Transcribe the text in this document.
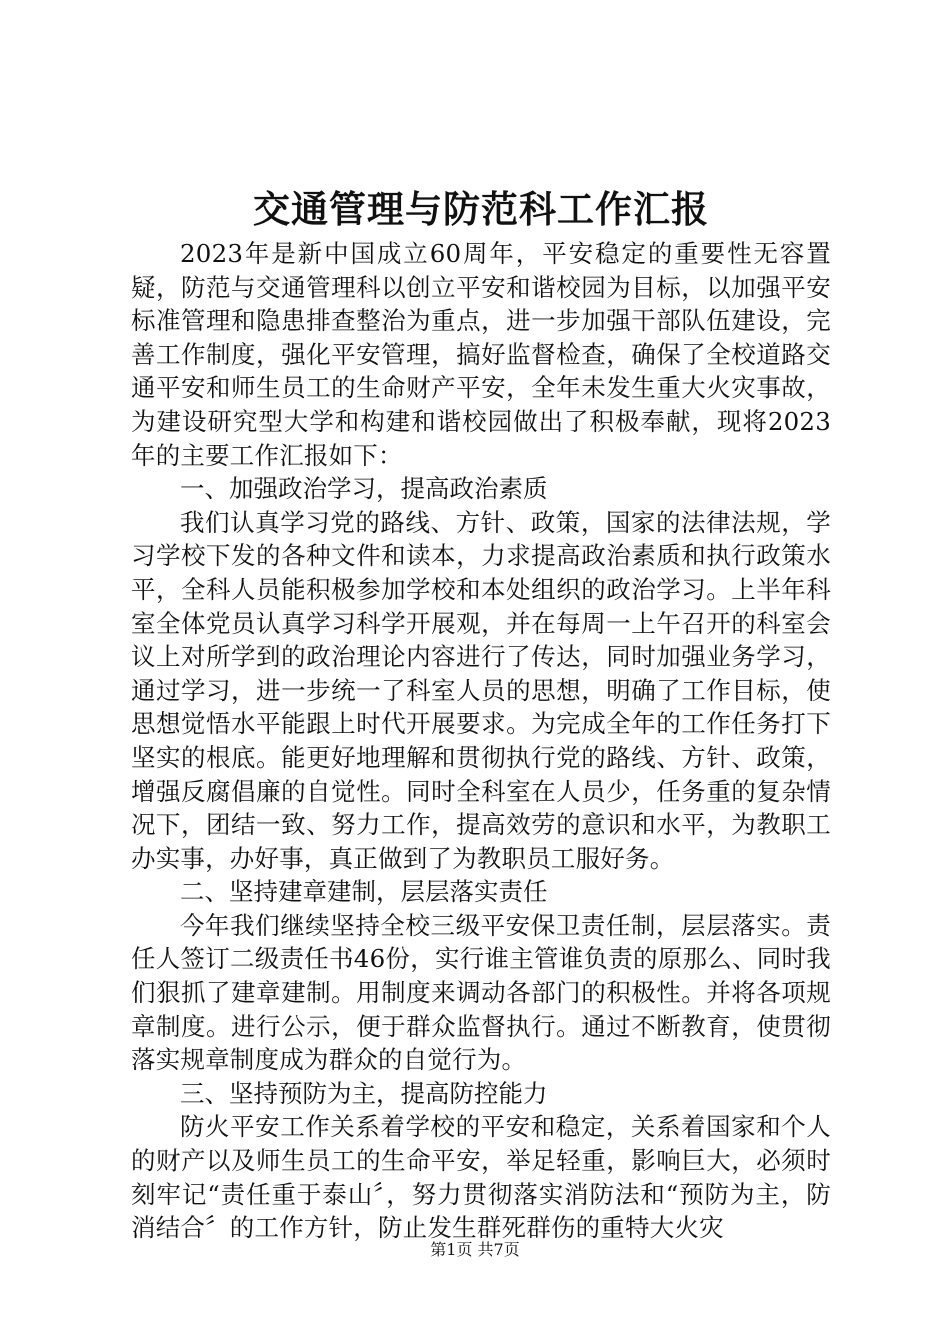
交通管理与防范科工作汇报

2023年是新中国成立60周年，平安稳定的重要性无容置疑，防范与交通管理科以创立平安和谐校园为目标，以加强平安标准管理和隐患排查整治为重点，进一步加强干部队伍建设，完善工作制度，强化平安管理，搞好监督检查，确保了全校道路交通平安和师生员工的生命财产平安，全年未发生重大火灾事故，为建设研究型大学和构建和谐校园做出了积极奉献，现将2023年的主要工作汇报如下：

一、加强政治学习，提高政治素质

我们认真学习党的路线、方针、政策，国家的法律法规，学习学校下发的各种文件和读本，力求提高政治素质和执行政策水平，全科人员能积极参加学校和本处组织的政治学习。上半年科室全体党员认真学习科学开展观，并在每周一上午召开的科室会议上对所学到的政治理论内容进行了传达，同时加强业务学习，通过学习，进一步统一了科室人员的思想，明确了工作目标，使思想觉悟水平能跟上时代开展要求。为完成全年的工作任务打下坚实的根底。能更好地理解和贯彻执行党的路线、方针、政策，增强反腐倡廉的自觉性。同时全科室在人员少，任务重的复杂情况下，团结一致、努力工作，提高效劳的意识和水平，为教职工办实事，办好事，真正做到了为教职员工服好务。

二、坚持建章建制，层层落实责任

今年我们继续坚持全校三级平安保卫责任制，层层落实。责任人签订二级责任书46份，实行谁主管谁负责的原那么、同时我们狠抓了建章建制。用制度来调动各部门的积极性。并将各项规章制度。进行公示，便于群众监督执行。通过不断教育，使贯彻落实规章制度成为群众的自觉行为。

三、坚持预防为主，提高防控能力

防火平安工作关系着学校的平安和稳定，关系着国家和个人的财产以及师生员工的生命平安，举足轻重，影响巨大，必须时刻牢记“责任重于泰山〞，努力贯彻落实消防法和“预防为主，防消结合〞的工作方针，防止发生群死群伤的重特大火灾

第1页 共7页
